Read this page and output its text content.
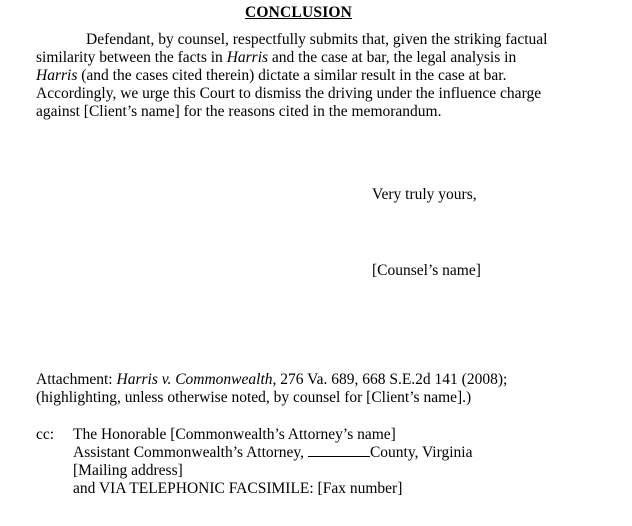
CONCLUSION
Defendant, by counsel, respectfully submits that, given the striking factual
similarity between the facts in Harris and the case at bar, the legal analysis in
Harris (and the cases cited therein) dictate a similar result in the case at bar.
Accordingly, we urge this Court to dismiss the driving under the influence charge
against [Client’s name] for the reasons cited in the memorandum.
Very truly yours,
[Counsel’s name]
Attachment: Harris v. Commonwealth, 276 Va. 689, 668 S.E.2d 141 (2008);
(highlighting, unless otherwise noted, by counsel for [Client’s name].)
cc: The Honorable [Commonwealth’s Attorney’s name]
Assistant Commonwealth’s Attorney,	County, Virginia
[Mailing address]
and VIA TELEPHONIC FACSIMILE: [Fax number]
